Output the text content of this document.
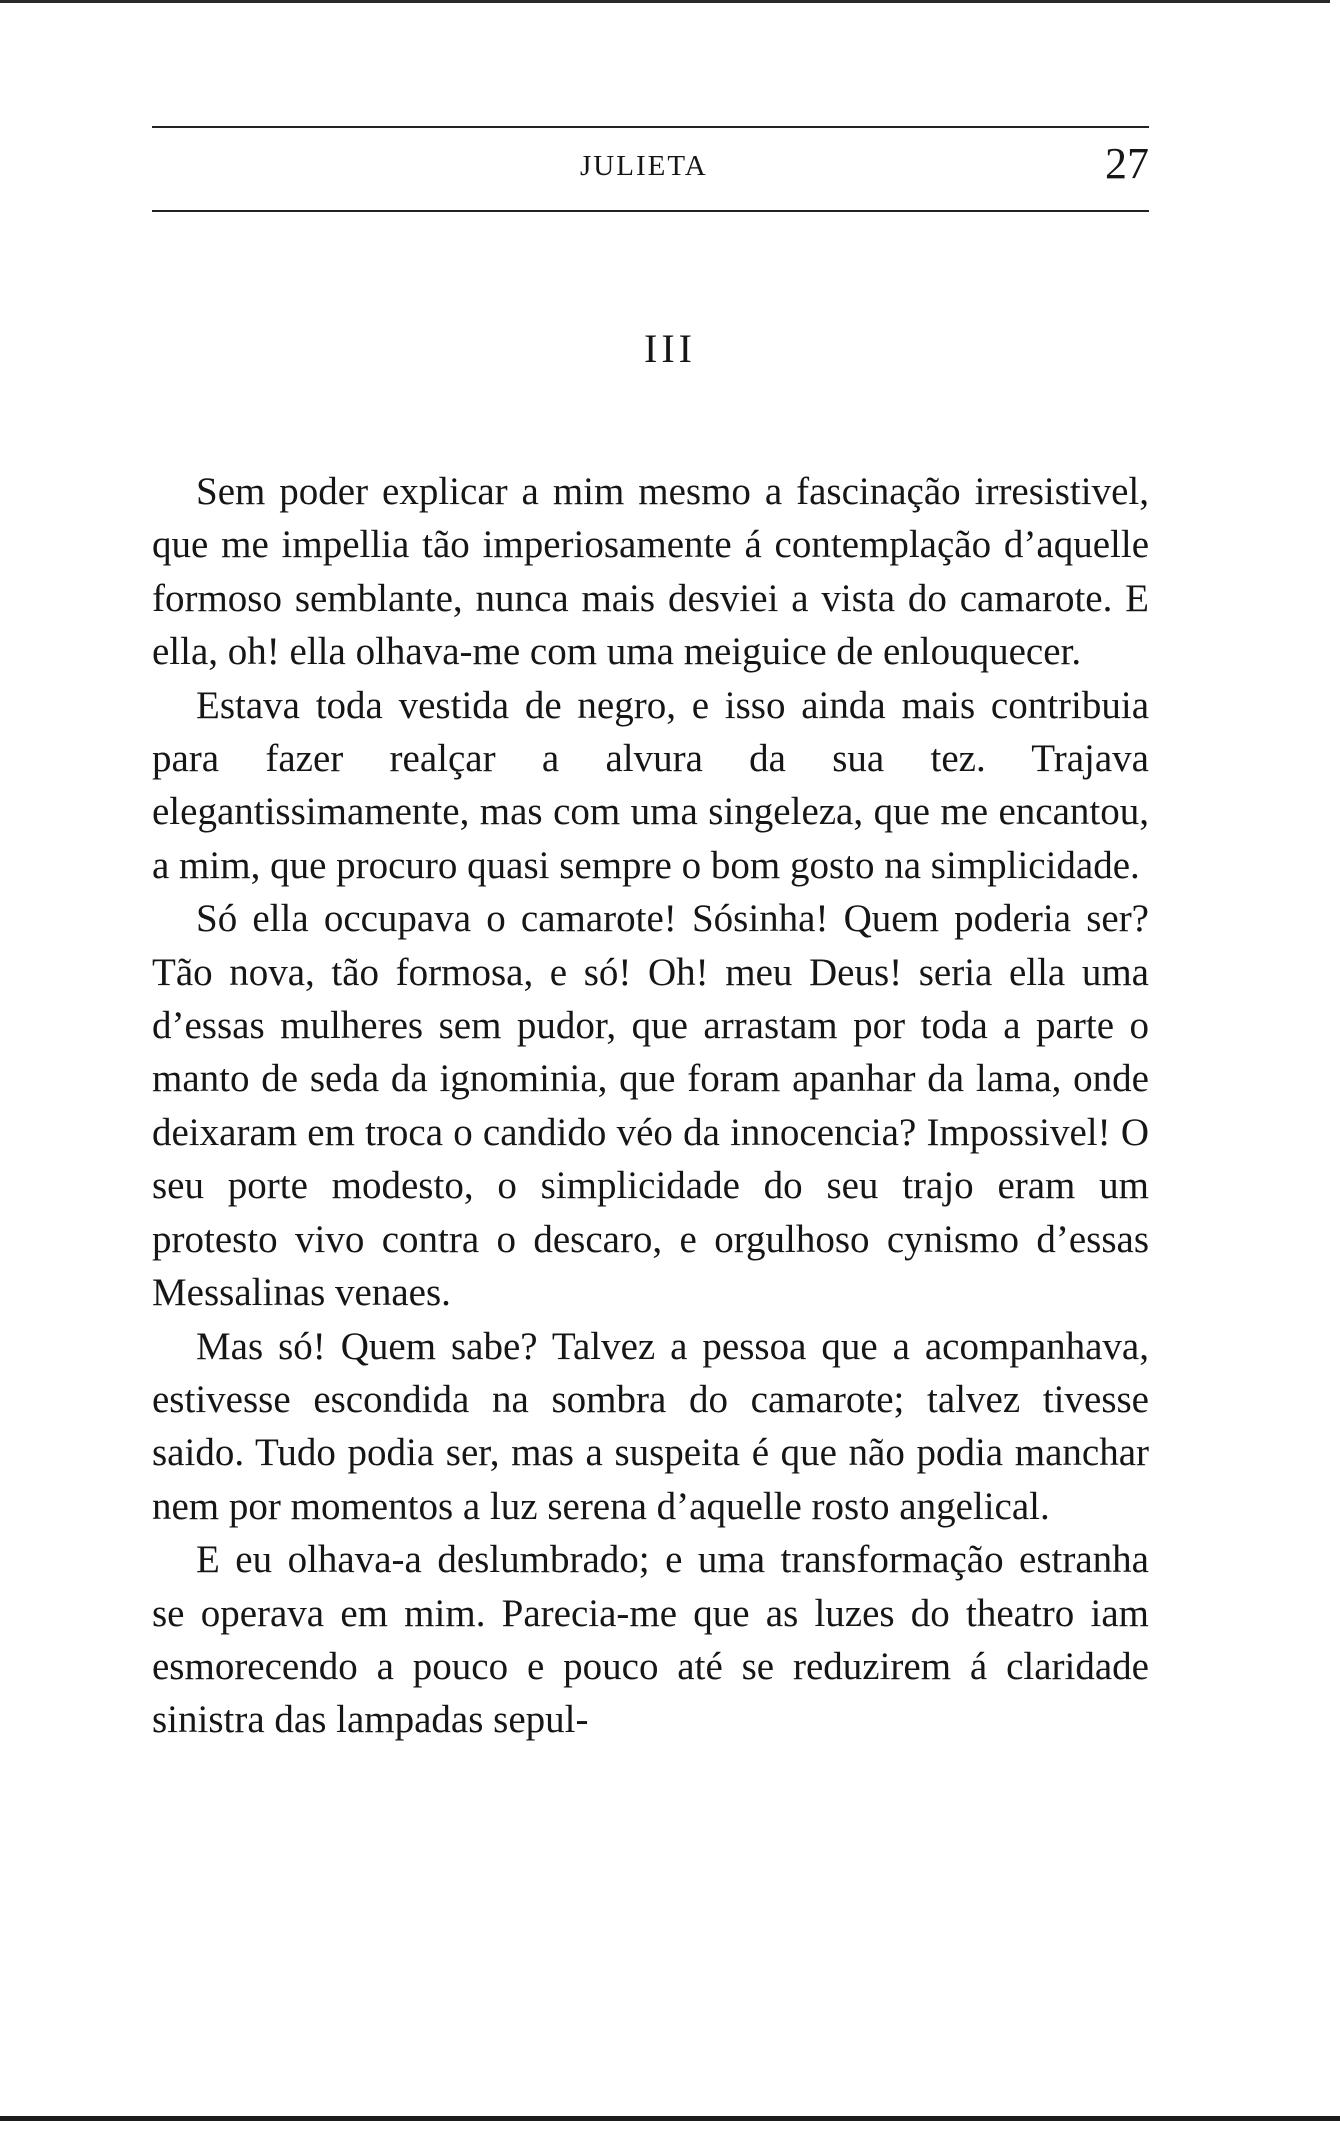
JULIETA	27
III

Sem poder explicar a mim mesmo a fascinação irresistivel, que me impellia tão imperiosamente á contemplação d’aquelle formoso semblante, nunca mais desviei a vista do camarote. E ella, oh! ella olhava-me com uma meiguice de enlouquecer.

Estava toda vestida de negro, e isso ainda mais contribuia para fazer realçar a alvura da sua tez. Trajava elegantissimamente, mas com uma singeleza, que me encantou, a mim, que procuro quasi sempre o bom gosto na simplicidade.

Só ella occupava o camarote! Sósinha! Quem poderia ser? Tão nova, tão formosa, e só! Oh! meu Deus! seria ella uma d’essas mulheres sem pudor, que arrastam por toda a parte o manto de seda da ignominia, que foram apanhar da lama, onde deixaram em troca o candido véo da innocencia? Impossivel! O seu porte modesto, o simplicidade do seu trajo eram um protesto vivo contra o descaro, e orgulhoso cynismo d’essas Messalinas venaes.

Mas só! Quem sabe? Talvez a pessoa que a acompanhava, estivesse escondida na sombra do camarote; talvez tivesse saido. Tudo podia ser, mas a suspeita é que não podia manchar nem por momentos a luz serena d’aquelle rosto angelical.

E eu olhava-a deslumbrado; e uma transformação estranha se operava em mim. Parecia-me que as luzes do theatro iam esmorecendo a pouco e pouco até se reduzirem á claridade sinistra das lampadas sepul-
